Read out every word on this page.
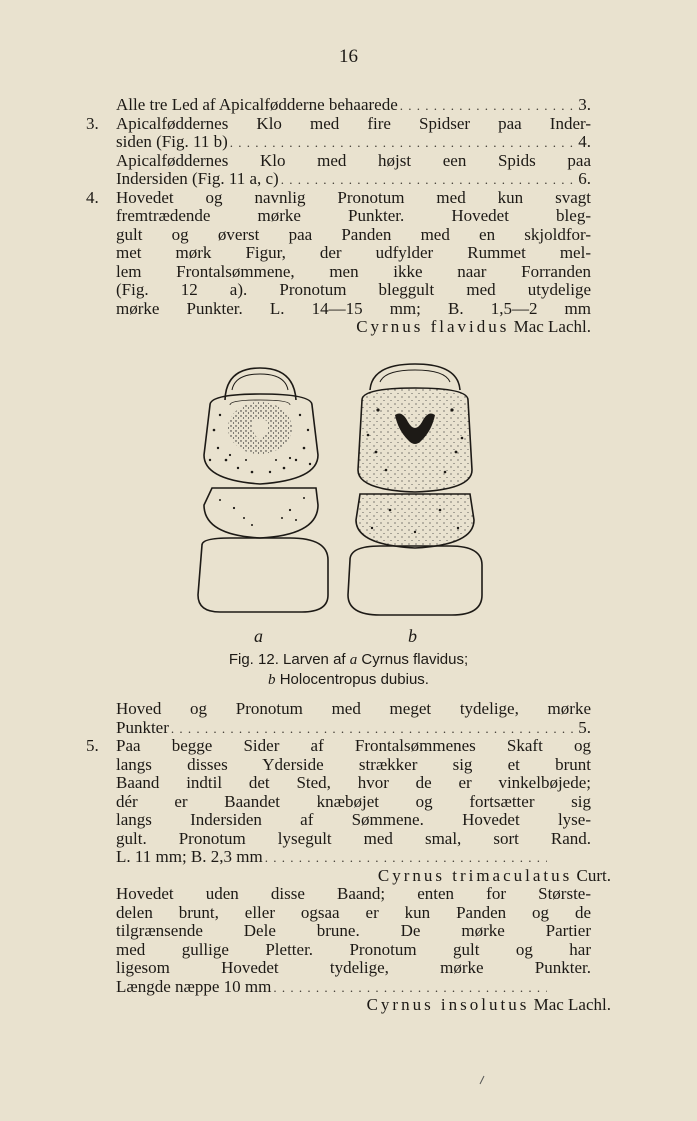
16
Alle tre Led af Apicalfødderne behaarede . . .	3.
3. Apicalføddernes Klo med fire Spidser paa Inder-
siden (Fig. 11 b) . . .	4.
Apicalføddernes Klo med højst een Spids paa
Indersiden (Fig. 11 a, c) . . .	6.
4. Hovedet og navnlig Pronotum med kun svagt
fremtrædende mørke Punkter. Hovedet bleg-
gult og øverst paa Panden med en skjoldfor-
met mørk Figur, der udfylder Rummet mel-
lem Frontalsømmene, men ikke naar Forranden
(Fig. 12 a). Pronotum bleggult med utydelige
mørke Punkter. L. 14—15 mm; B. 1,5—2 mm
Cyrnus flavidus Mac Lachl.
a	b
Fig. 12. Larven af a Cyrnus flavidus;
b Holocentropus dubius.
Hoved og Pronotum med meget tydelige, mørke
Punkter . . .	5.
5. Paa begge Sider af Frontalsømmenes Skaft og
langs disses Yderside strækker sig et brunt
Baand indtil det Sted, hvor de er vinkelbøjede;
dér er Baandet knæbøjet og fortsætter sig
langs Indersiden af Sømmene. Hovedet lyse-
gult. Pronotum lysegult med smal, sort Rand.
L. 11 mm; B. 2,3 mm
. . .
Cyrnus trimaculatus Curt.
Hovedet uden disse Baand; enten for Største-
delen brunt, eller ogsaa er kun Panden og de
tilgrænsende Dele brune. De mørke Partier
med gullige Pletter. Pronotum gult og har
ligesom Hovedet tydelige, mørke Punkter.
Længde næppe 10 mm
. . .
Cyrnus insolutus Mac Lachl.
